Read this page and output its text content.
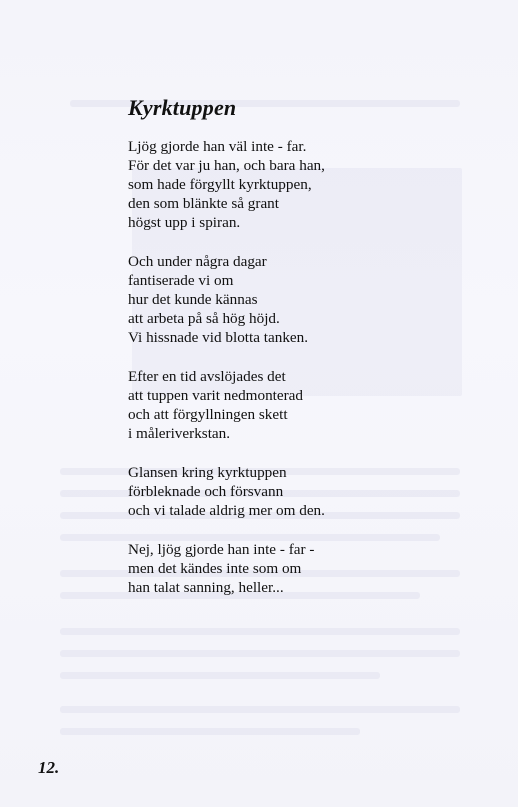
Kyrktuppen

Ljög gjorde han väl inte - far.
För det var ju han, och bara han,
som hade förgyllt kyrktuppen,
den som blänkte så grant
högst upp i spiran.

Och under några dagar
fantiserade vi om
hur det kunde kännas
att arbeta på så hög höjd.
Vi hissnade vid blotta tanken.

Efter en tid avslöjades det
att tuppen varit nedmonterad
och att förgyllningen skett
i måleriverkstan.

Glansen kring kyrktuppen
förbleknade och försvann
och vi talade aldrig mer om den.

Nej, ljög gjorde han inte - far -
men det kändes inte som om
han talat sanning, heller...

12.
